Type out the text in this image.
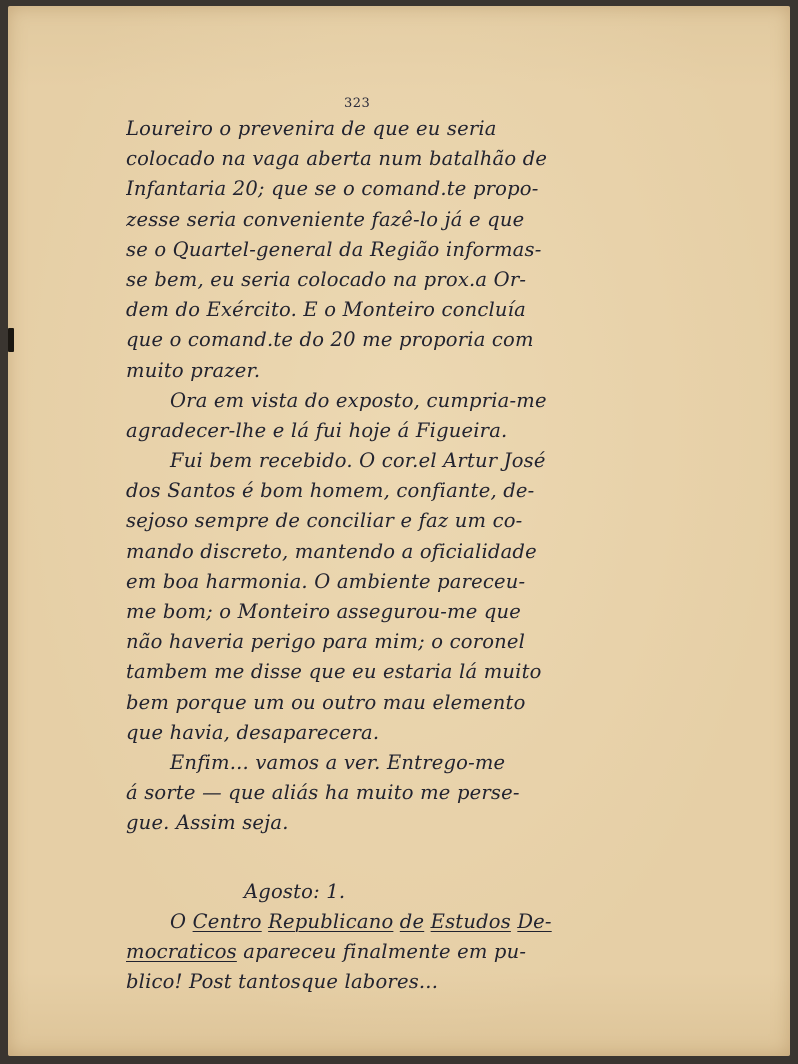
323
Loureiro o prevenira de que eu seria
colocado na vaga aberta num batalhão de
Infantaria 20; que se o comand.te propo-
zesse seria conveniente fazê-lo já e que
se o Quartel-general da Região informas-
se bem, eu seria colocado na prox.a Or-
dem do Exército. E o Monteiro concluía
que o comand.te do 20 me proporia com
muito prazer.
Ora em vista do exposto, cumpria-me
agradecer-lhe e lá fui hoje á Figueira.
Fui bem recebido. O cor.el Artur José
dos Santos é bom homem, confiante, de-
sejoso sempre de conciliar e faz um co-
mando discreto, mantendo a oficialidade
em boa harmonia. O ambiente pareceu-
me bom; o Monteiro assegurou-me que
não haveria perigo para mim; o coronel
tambem me disse que eu estaria lá muito
bem porque um ou outro mau elemento
que havia, desaparecera.
Enfim... vamos a ver. Entrego-me
á sorte — que aliás ha muito me perse-
gue. Assim seja.
Agosto: 1.
O Centro Republicano de Estudos De-
mocraticos apareceu finalmente em pu-
blico! Post tantosque labores...
